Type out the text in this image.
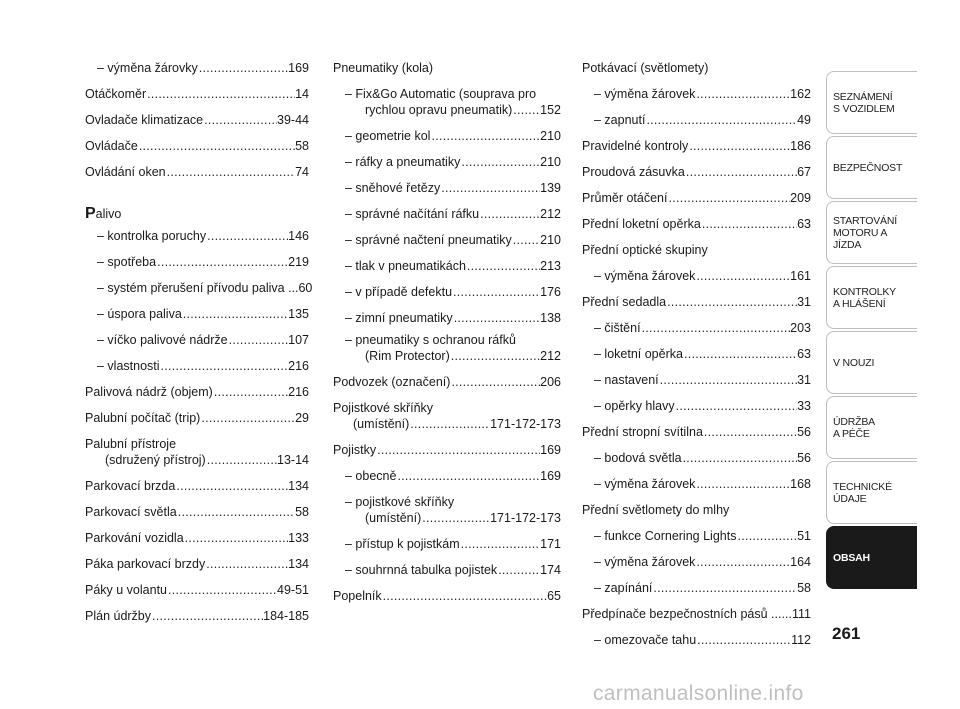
– výměna žárovky . . .	169
Otáčkoměr . . .	14
Ovladače klimatizace . . .	39-44
Ovládače . . .	58
Ovládání oken . . .	74
Palivo
– kontrolka poruchy . . .	146
– spotřeba . . .	219
– systém přerušení přívodu paliva ... 60
– úspora paliva . . .	135
– víčko palivové nádrže . . .	107
– vlastnosti . . .	216
Palivová nádrž (objem) . . .	216
Palubní počítač (trip) . . .	29
Palubní přístroje
(sdružený přístroj) . . .	13-14
Parkovací brzda . . .	134
Parkovací světla . . .	58
Parkování vozidla . . .	133
Páka parkovací brzdy . . .	134
Páky u volantu . . .	49-51
Plán údržby . . .	184-185
Pneumatiky (kola)
– Fix&Go Automatic (souprava pro
rychlou opravu pneumatik) . . . 152
– geometrie kol . . .	210
– ráfky a pneumatiky . . .	210
– sněhové řetězy . . .	139
– správné načítání ráfku . . .	212
– správné načtení pneumatiky . . . 210
– tlak v pneumatikách . . .	213
– v případě defektu . . .	176
– zimní pneumatiky . . .	138
– pneumatiky s ochranou ráfků
(Rim Protector) . . .	212
Podvozek (označení) . . .	206
Pojistkové skříňky
(umístění) . . .	171-172-173
Pojistky . . .	169
– obecně . . .	169
– pojistkové skříňky
(umístění) . . .	171-172-173
– přístup k pojistkám . . .	171
– souhrnná tabulka pojistek . . .	174
Popelník . . .	65
Potkávací (světlomety)
– výměna žárovek . . .	162
– zapnutí . . .	49
Pravidelné kontroly . . .	186
Proudová zásuvka . . .	67
Průměr otáčení . . .	209
Přední loketní opěrka . . .	63
Přední optické skupiny
– výměna žárovek . . .	161
Přední sedadla . . .	31
– čištění . . .	203
– loketní opěrka . . .	63
– nastavení . . .	31
– opěrky hlavy . . .	33
Přední stropní svítilna . . .	56
– bodová světla . . .	56
– výměna žárovek . . .	168
Přední světlomety do mlhy
– funkce Cornering Lights . . .	51
– výměna žárovek . . .	164
– zapínání . . .	58
Předpínače bezpečnostních pásů ...... 111
– omezovače tahu . . .	112
SEZNÁMENÍ
S VOZIDLEM
BEZPEČNOST
STARTOVÁNÍ
MOTORU A JÍZDA
KONTROLKY
A HLÁŠENÍ
V NOUZI
ÚDRŽBA
A PÉČE
TECHNICKÉ
ÚDAJE
OBSAH
261
carmanualsonline.info
